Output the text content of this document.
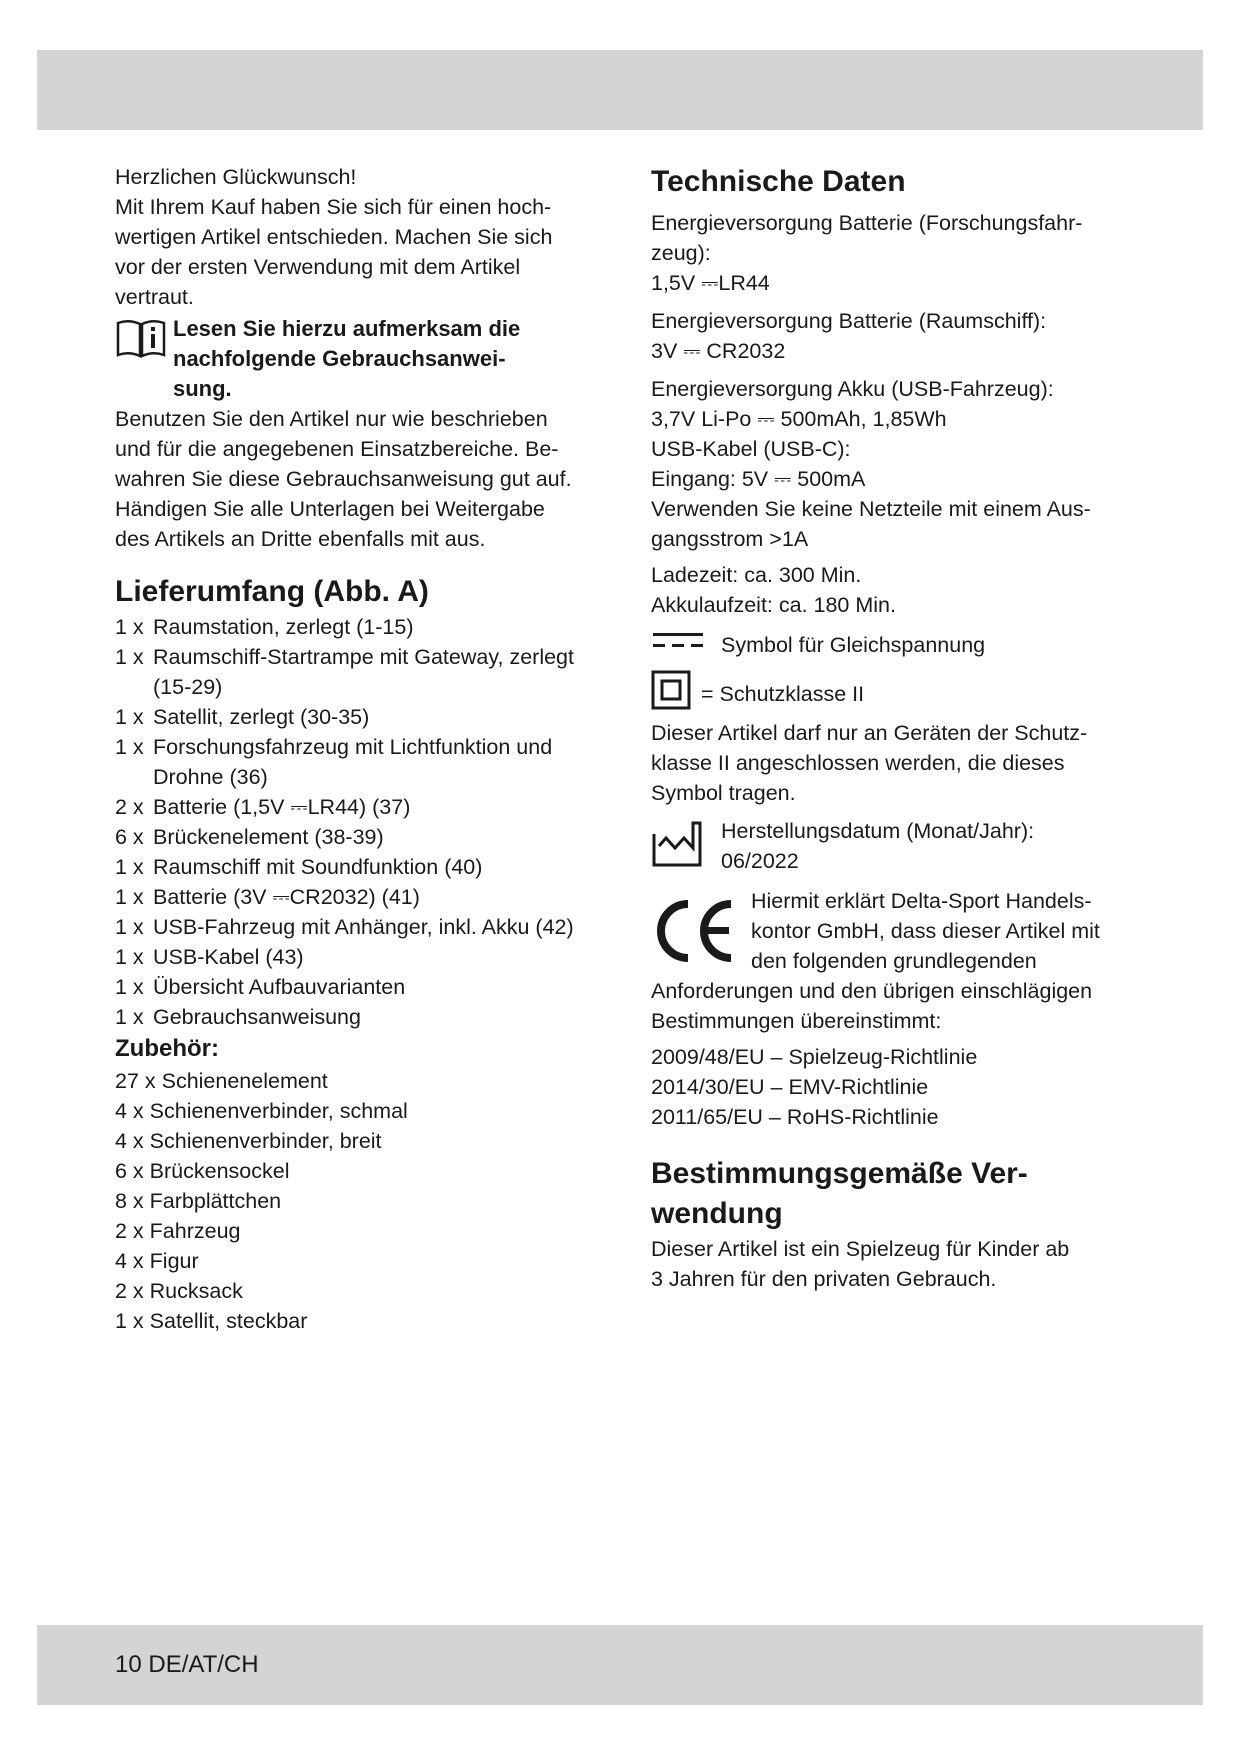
Herzlichen Glückwunsch!
Mit Ihrem Kauf haben Sie sich für einen hoch-
wertigen Artikel entschieden. Machen Sie sich
vor der ersten Verwendung mit dem Artikel
vertraut.
Lesen Sie hierzu aufmerksam die
nachfolgende Gebrauchsanwei-
sung.
Benutzen Sie den Artikel nur wie beschrieben
und für die angegebenen Einsatzbereiche. Be-
wahren Sie diese Gebrauchsanweisung gut auf.
Händigen Sie alle Unterlagen bei Weitergabe
des Artikels an Dritte ebenfalls mit aus.
Lieferumfang (Abb. A)
1 x Raumstation, zerlegt (1-15)
1 x Raumschiff-Startrampe mit Gateway, zerlegt
(15-29)
1 x Satellit, zerlegt (30-35)
1 x Forschungsfahrzeug mit Lichtfunktion und
Drohne (36)
2 x Batterie (1,5V ⎓LR44) (37)
6 x Brückenelement (38-39)
1 x Raumschiff mit Soundfunktion (40)
1 x Batterie (3V ⎓CR2032) (41)
1 x USB-Fahrzeug mit Anhänger, inkl. Akku (42)
1 x USB-Kabel (43)
1 x Übersicht Aufbauvarianten
1 x Gebrauchsanweisung
Zubehör:
27 x Schienenelement
4 x Schienenverbinder, schmal
4 x Schienenverbinder, breit
6 x Brückensockel
8 x Farbplättchen
2 x Fahrzeug
4 x Figur
2 x Rucksack
1 x Satellit, steckbar
Technische Daten
Energieversorgung Batterie (Forschungsfahr-
zeug):
1,5V ⎓LR44
Energieversorgung Batterie (Raumschiff):
3V ⎓ CR2032
Energieversorgung Akku (USB-Fahrzeug):
3,7V Li-Po ⎓ 500mAh, 1,85Wh
USB-Kabel (USB-C):
Eingang: 5V ⎓ 500mA
Verwenden Sie keine Netzteile mit einem Aus-
gangsstrom >1A
Ladezeit: ca. 300 Min.
Akkulaufzeit: ca. 180 Min.
Symbol für Gleichspannung
= Schutzklasse II
Dieser Artikel darf nur an Geräten der Schutz-
klasse II angeschlossen werden, die dieses
Symbol tragen.
Herstellungsdatum (Monat/Jahr):
06/2022
Hiermit erklärt Delta-Sport Handels-
kontor GmbH, dass dieser Artikel mit
den folgenden grundlegenden
Anforderungen und den übrigen einschlägigen
Bestimmungen übereinstimmt:
2009/48/EU – Spielzeug-Richtlinie
2014/30/EU – EMV-Richtlinie
2011/65/EU – RoHS-Richtlinie
Bestimmungsgemäße Ver-
wendung
Dieser Artikel ist ein Spielzeug für Kinder ab
3 Jahren für den privaten Gebrauch.
10 DE/AT/CH
